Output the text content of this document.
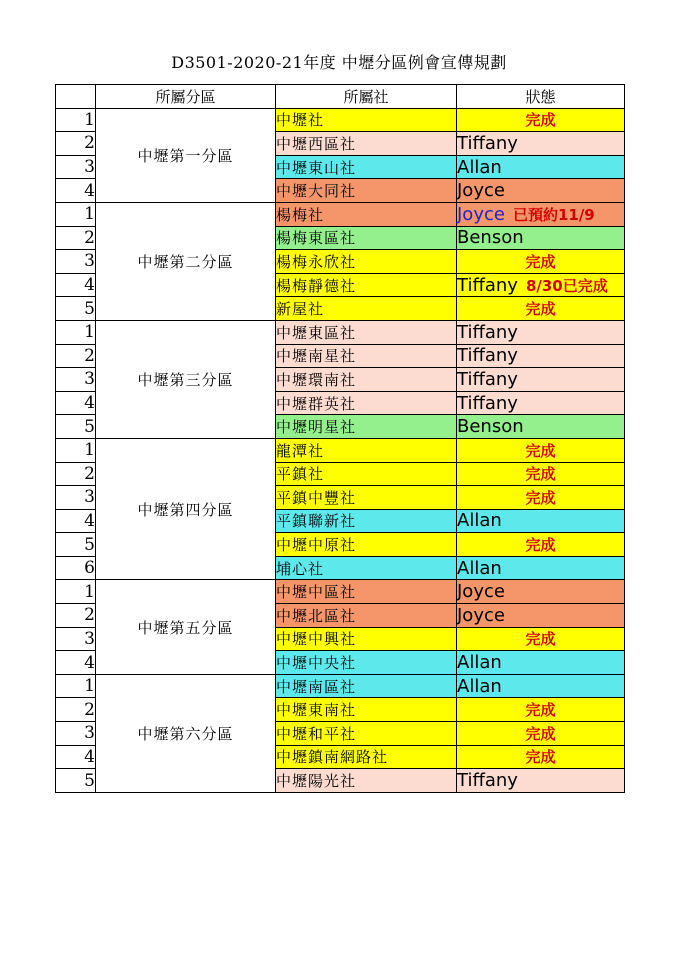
D3501-2020-21年度 中壢分區例會宣傳規劃
	所屬分區	所屬社	狀態
1	中壢第一分區	中壢社	完成
2		中壢西區社	Tiffany
3		中壢東山社	Allan
4		中壢大同社	Joyce
1	中壢第二分區	楊梅社	Joyce 已預約11/9
2		楊梅東區社	Benson
3		楊梅永欣社	完成
4		楊梅靜德社	Tiffany 8/30已完成
5		新屋社	完成
1	中壢第三分區	中壢東區社	Tiffany
2		中壢南星社	Tiffany
3		中壢環南社	Tiffany
4		中壢群英社	Tiffany
5		中壢明星社	Benson
1	中壢第四分區	龍潭社	完成
2		平鎮社	完成
3		平鎮中豐社	完成
4		平鎮聯新社	Allan
5		中壢中原社	完成
6		埔心社	Allan
1	中壢第五分區	中壢中區社	Joyce
2		中壢北區社	Joyce
3		中壢中興社	完成
4		中壢中央社	Allan
1	中壢第六分區	中壢南區社	Allan
2		中壢東南社	完成
3		中壢和平社	完成
4		中壢鎮南網路社	完成
5		中壢陽光社	Tiffany
